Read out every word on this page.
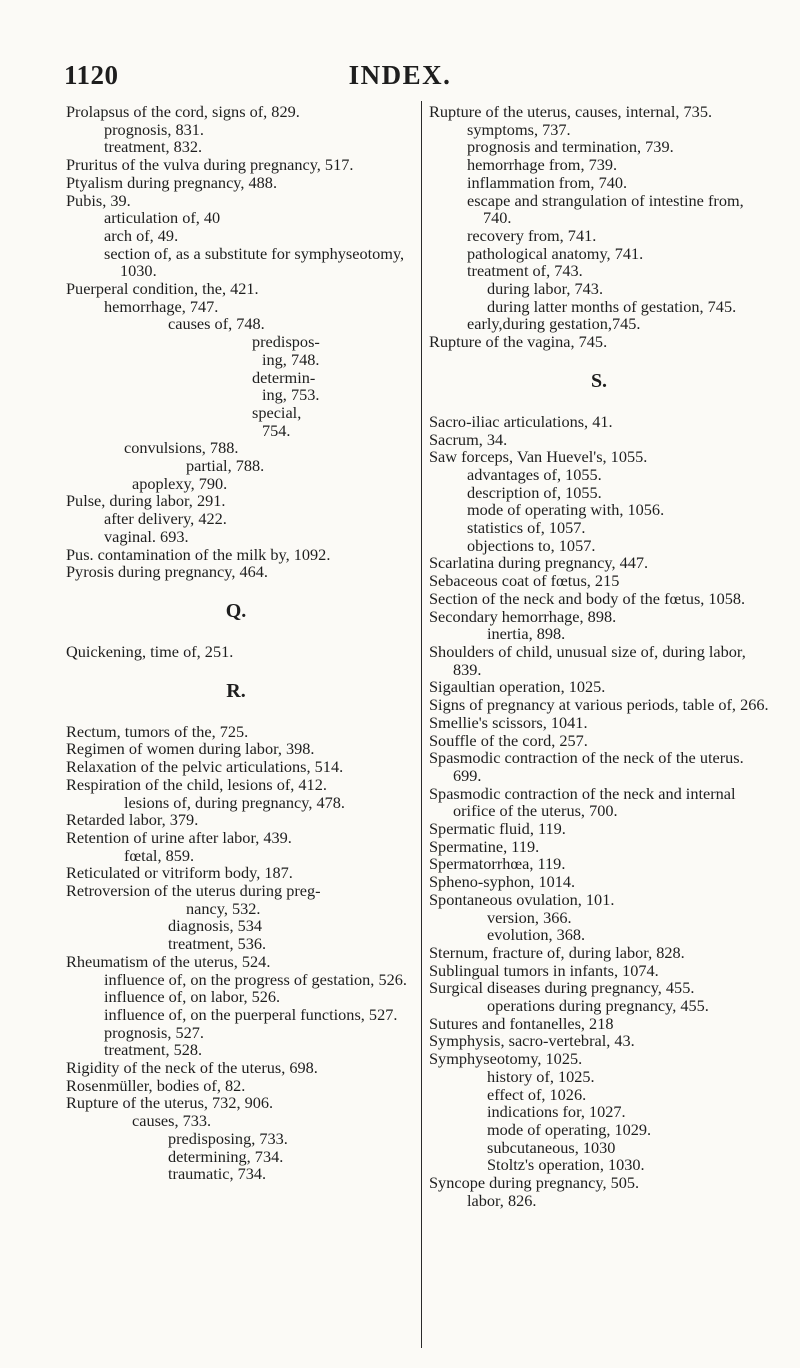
INDEX.
1120

Prolapsus of the cord, signs of, 829.

prognosis, 831.

treatment, 832.

Pruritus of the vulva during pregnancy, 517.

Ptyalism during pregnancy, 488.

Pubis, 39.

articulation of, 40

arch of, 49.

section of, as a substitute for symphyseotomy, 1030.

Puerperal condition, the, 421.

hemorrhage, 747.

causes of, 748.

predispos-

ing, 748.

determin-

ing, 753.

special,

754.

convulsions, 788.

partial, 788.

apoplexy, 790.

Pulse, during labor, 291.

after delivery, 422.

vaginal. 693.

Pus. contamination of the milk by, 1092.

Pyrosis during pregnancy, 464.

Q.

Quickening, time of, 251.

R.

Rectum, tumors of the, 725.

Regimen of women during labor, 398.

Relaxation of the pelvic articulations, 514.

Respiration of the child, lesions of, 412.

lesions of, during pregnancy, 478.

Retarded labor, 379.

Retention of urine after labor, 439.

fœtal, 859.

Reticulated or vitriform body, 187.

Retroversion of the uterus during preg-

nancy, 532.

diagnosis, 534

treatment, 536.

Rheumatism of the uterus, 524.

influence of, on the progress of gestation, 526.

influence of, on labor, 526.

influence of, on the puerperal functions, 527.

prognosis, 527.

treatment, 528.

Rigidity of the neck of the uterus, 698.

Rosenmüller, bodies of, 82.

Rupture of the uterus, 732, 906.

causes, 733.

predisposing, 733.

determining, 734.

traumatic, 734.

Rupture of the uterus, causes, internal, 735.

symptoms, 737.

prognosis and termination, 739.

hemorrhage from, 739.

inflammation from, 740.

escape and strangulation of intestine from, 740.

recovery from, 741.

pathological anatomy, 741.

treatment of, 743.

during labor, 743.

during latter months of gestation, 745.

early,during gestation,745.

Rupture of the vagina, 745.

S.

Sacro-iliac articulations, 41.

Sacrum, 34.

Saw forceps, Van Huevel's, 1055.

advantages of, 1055.

description of, 1055.

mode of operating with, 1056.

statistics of, 1057.

objections to, 1057.

Scarlatina during pregnancy, 447.

Sebaceous coat of fœtus, 215

Section of the neck and body of the fœtus, 1058.

Secondary hemorrhage, 898.

inertia, 898.

Shoulders of child, unusual size of, during labor, 839.

Sigaultian operation, 1025.

Signs of pregnancy at various periods, table of, 266.

Smellie's scissors, 1041.

Souffle of the cord, 257.

Spasmodic contraction of the neck of the uterus. 699.

Spasmodic contraction of the neck and internal orifice of the uterus, 700.

Spermatic fluid, 119.

Spermatine, 119.

Spermatorrhœa, 119.

Spheno-syphon, 1014.

Spontaneous ovulation, 101.

version, 366.

evolution, 368.

Sternum, fracture of, during labor, 828.

Sublingual tumors in infants, 1074.

Surgical diseases during pregnancy, 455.

operations during pregnancy, 455.

Sutures and fontanelles, 218

Symphysis, sacro-vertebral, 43.

Symphyseotomy, 1025.

history of, 1025.

effect of, 1026.

indications for, 1027.

mode of operating, 1029.

subcutaneous, 1030

Stoltz's operation, 1030.

Syncope during pregnancy, 505.

labor, 826.
